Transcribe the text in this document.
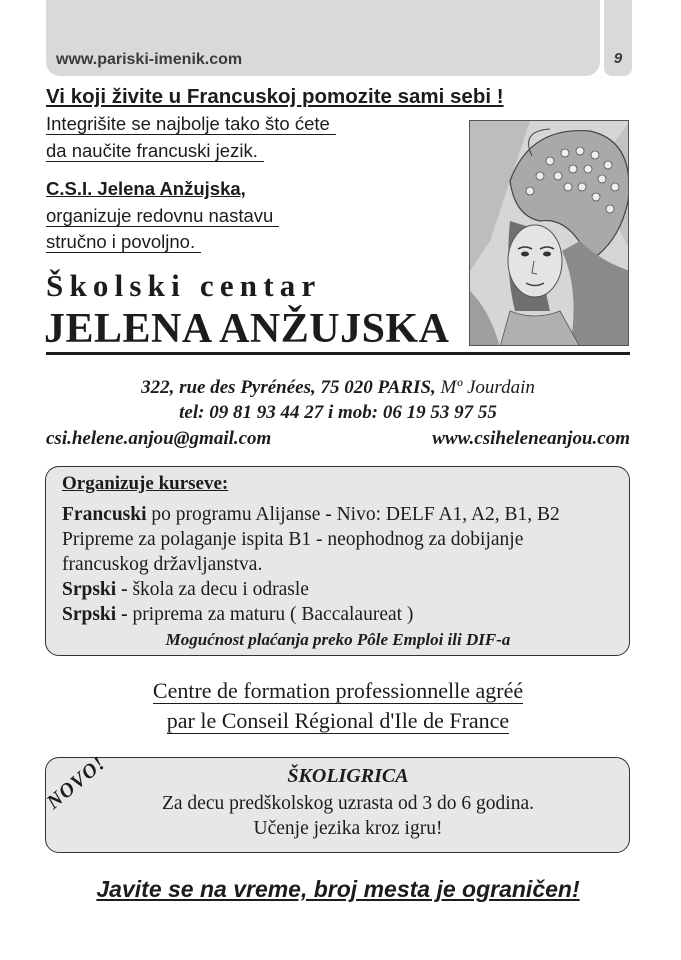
www.pariski-imenik.com	9
Vi koji živite u Francuskoj pomozite sami sebi !
Integrišite se najbolje tako što ćete
da naučite francuski jezik.
C.S.I. Jelena Anžujska,
organizuje redovnu nastavu
stručno i povoljno.
Školski centar
JELENA ANŽUJSKA
322, rue des Pyrénées, 75 020 PARIS, Mº Jourdain
tel: 09 81 93 44 27 i mob: 06 19 53 97 55
csi.helene.anjou@gmail.com	www.csiheleneanjou.com
Organizuje kurseve:
Francuski po programu Alijanse - Nivo: DELF A1, A2, B1, B2
Pripreme za polaganje ispita B1 - neophodnog za dobijanje
francuskog državljanstva.
Srpski - škola za decu i odrasle
Srpski - priprema za maturu ( Baccalaureat )
Mogućnost plaćanja preko Pôle Emploi ili DIF-a
Centre de formation professionnelle agréé
par le Conseil Régional d'Ile de France
NOVO!	ŠKOLIGRICA
Za decu predškolskog uzrasta od 3 do 6 godina.
Učenje jezika kroz igru!
Javite se na vreme, broj mesta je ograničen!
